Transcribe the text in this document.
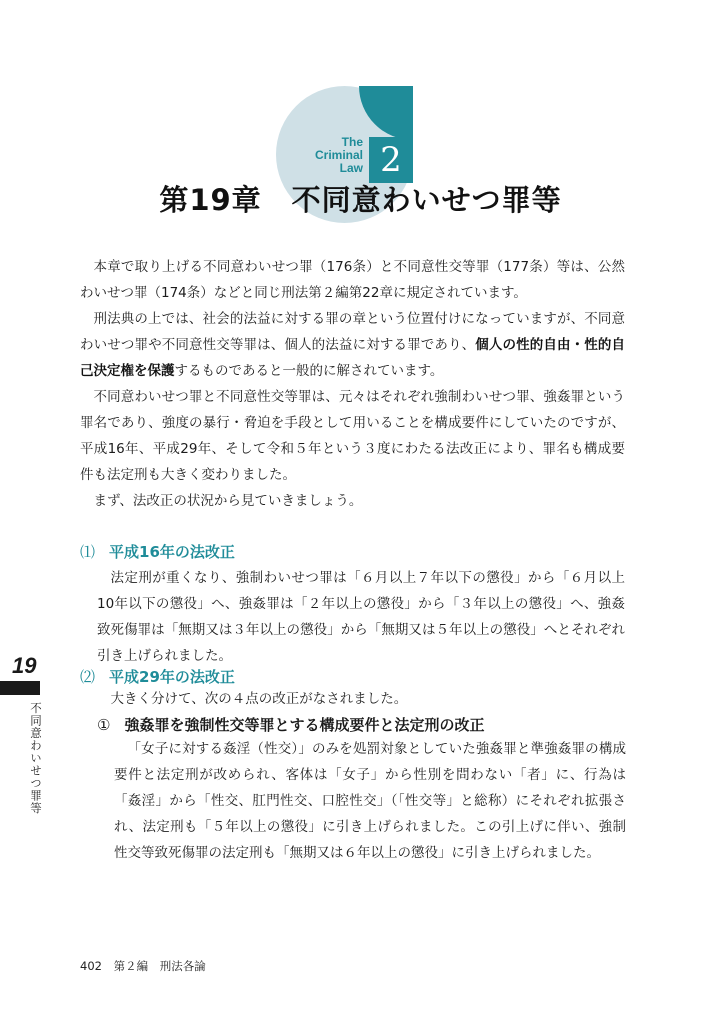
The
Criminal
Law 2
第19章　不同意わいせつ罪等

本章で取り上げる不同意わいせつ罪（176条）と不同意性交等罪（177条）等は、公然わいせつ罪（174条）などと同じ刑法第２編第22章に規定されています。

刑法典の上では、社会的法益に対する罪の章という位置付けになっていますが、不同意わいせつ罪や不同意性交等罪は、個人的法益に対する罪であり、個人の性的自由・性的自己決定権を保護するものであると一般的に解されています。

不同意わいせつ罪と不同意性交等罪は、元々はそれぞれ強制わいせつ罪、強姦罪という罪名であり、強度の暴行・脅迫を手段として用いることを構成要件にしていたのですが、平成16年、平成29年、そして令和５年という３度にわたる法改正により、罪名も構成要件も法定刑も大きく変わりました。

まず、法改正の状況から見ていきましょう。

⑴ 平成16年の法改正

法定刑が重くなり、強制わいせつ罪は「６月以上７年以下の懲役」から「６月以上10年以下の懲役」へ、強姦罪は「２年以上の懲役」から「３年以上の懲役」へ、強姦致死傷罪は「無期又は３年以上の懲役」から「無期又は５年以上の懲役」へとそれぞれ引き上げられました。

⑵ 平成29年の法改正

大きく分けて、次の４点の改正がなされました。

① 強姦罪を強制性交等罪とする構成要件と法定刑の改正

「女子に対する姦淫（性交）」のみを処罰対象としていた強姦罪と準強姦罪の構成要件と法定刑が改められ、客体は「女子」から性別を問わない「者」に、行為は「姦淫」から「性交、肛門性交、口腔性交」（「性交等」と総称）にそれぞれ拡張され、法定刑も「５年以上の懲役」に引き上げられました。この引上げに伴い、強制性交等致死傷罪の法定刑も「無期又は６年以上の懲役」に引き上げられました。

19
不同意わいせつ罪等
402 第２編 刑法各論
